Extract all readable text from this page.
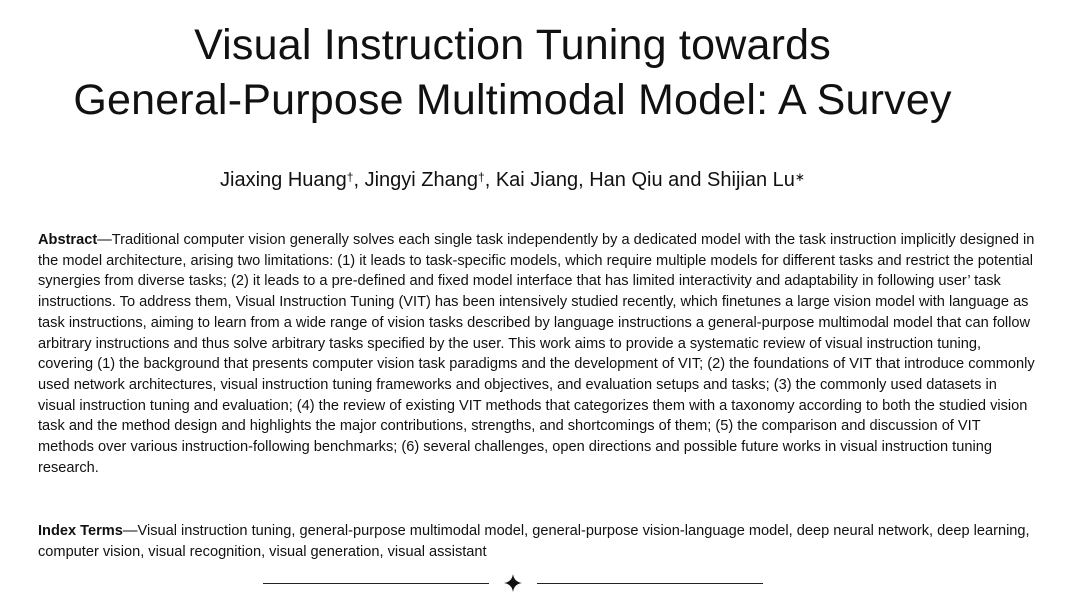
Visual Instruction Tuning towards
General-Purpose Multimodal Model: A Survey
Jiaxing Huang†, Jingyi Zhang†, Kai Jiang, Han Qiu and Shijian Lu∗

Abstract—Traditional computer vision generally solves each single task independently by a dedicated model with the task instruction implicitly designed in the model architecture, arising two limitations: (1) it leads to task-specific models, which require multiple models for different tasks and restrict the potential synergies from diverse tasks; (2) it leads to a pre-defined and fixed model interface that has limited interactivity and adaptability in following user’ task instructions. To address them, Visual Instruction Tuning (VIT) has been intensively studied recently, which finetunes a large vision model with language as task instructions, aiming to learn from a wide range of vision tasks described by language instructions a general-purpose multimodal model that can follow arbitrary instructions and thus solve arbitrary tasks specified by the user. This work aims to provide a systematic review of visual instruction tuning, covering (1) the background that presents computer vision task paradigms and the development of VIT; (2) the foundations of VIT that introduce commonly used network architectures, visual instruction tuning frameworks and objectives, and evaluation setups and tasks; (3) the commonly used datasets in visual instruction tuning and evaluation; (4) the review of existing VIT methods that categorizes them with a taxonomy according to both the studied vision task and the method design and highlights the major contributions, strengths, and shortcomings of them; (5) the comparison and discussion of VIT methods over various instruction-following benchmarks; (6) several challenges, open directions and possible future works in visual instruction tuning research.

Index Terms—Visual instruction tuning, general-purpose multimodal model, general-purpose vision-language model, deep neural network, deep learning, computer vision, visual recognition, visual generation, visual assistant
